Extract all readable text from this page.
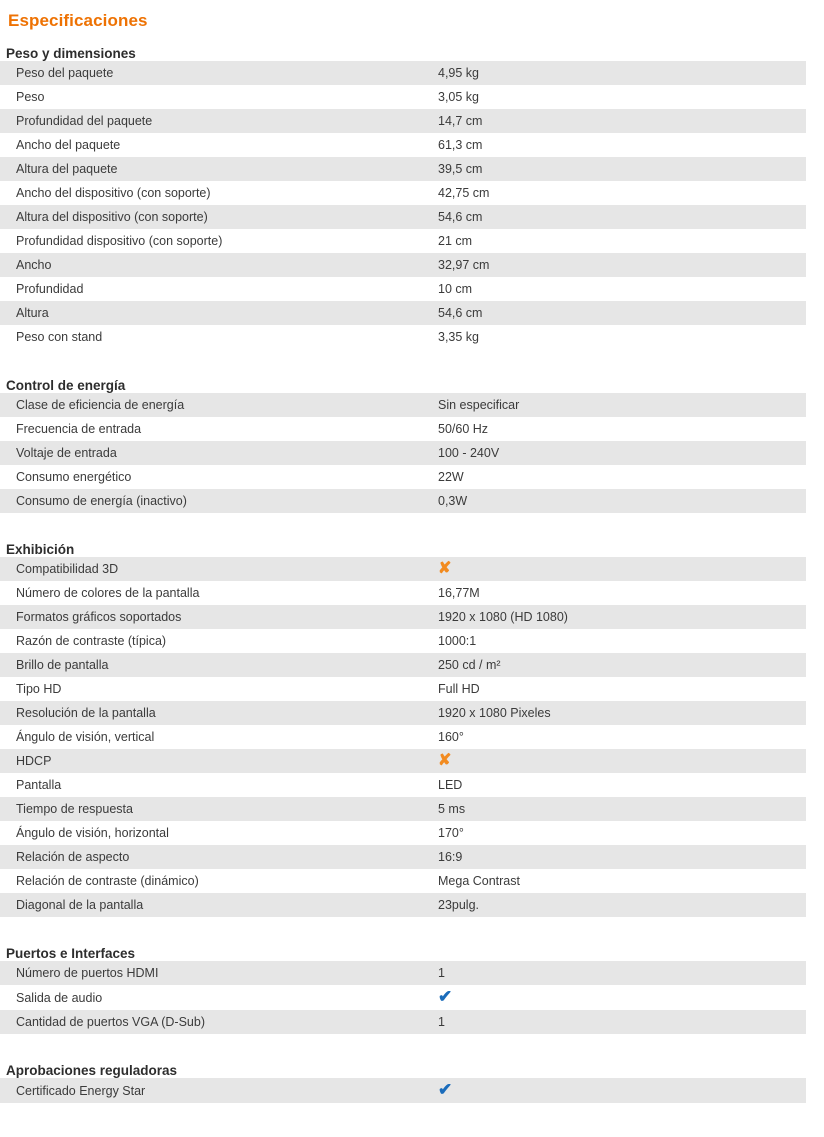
Especificaciones
Peso y dimensiones
Peso del paquete	4,95 kg
Peso	3,05 kg
Profundidad del paquete	14,7 cm
Ancho del paquete	61,3 cm
Altura del paquete	39,5 cm
Ancho del dispositivo (con soporte)	42,75 cm
Altura del dispositivo (con soporte)	54,6 cm
Profundidad dispositivo (con soporte)	21 cm
Ancho	32,97 cm
Profundidad	10 cm
Altura	54,6 cm
Peso con stand	3,35 kg
Control de energía
Clase de eficiencia de energía	Sin especificar
Frecuencia de entrada	50/60 Hz
Voltaje de entrada	100 - 240V
Consumo energético	22W
Consumo de energía (inactivo)	0,3W
Exhibición
Compatibilidad 3D	✘
Número de colores de la pantalla	16,77M
Formatos gráficos soportados	1920 x 1080 (HD 1080)
Razón de contraste (típica)	1000:1
Brillo de pantalla	250 cd / m²
Tipo HD	Full HD
Resolución de la pantalla	1920 x 1080 Pixeles
Ángulo de visión, vertical	160°
HDCP	✘
Pantalla	LED
Tiempo de respuesta	5 ms
Ángulo de visión, horizontal	170°
Relación de aspecto	16:9
Relación de contraste (dinámico)	Mega Contrast
Diagonal de la pantalla	23pulg.
Puertos e Interfaces
Número de puertos HDMI	1
Salida de audio	✔
Cantidad de puertos VGA (D-Sub)	1
Aprobaciones reguladoras
Certificado Energy Star	✔
